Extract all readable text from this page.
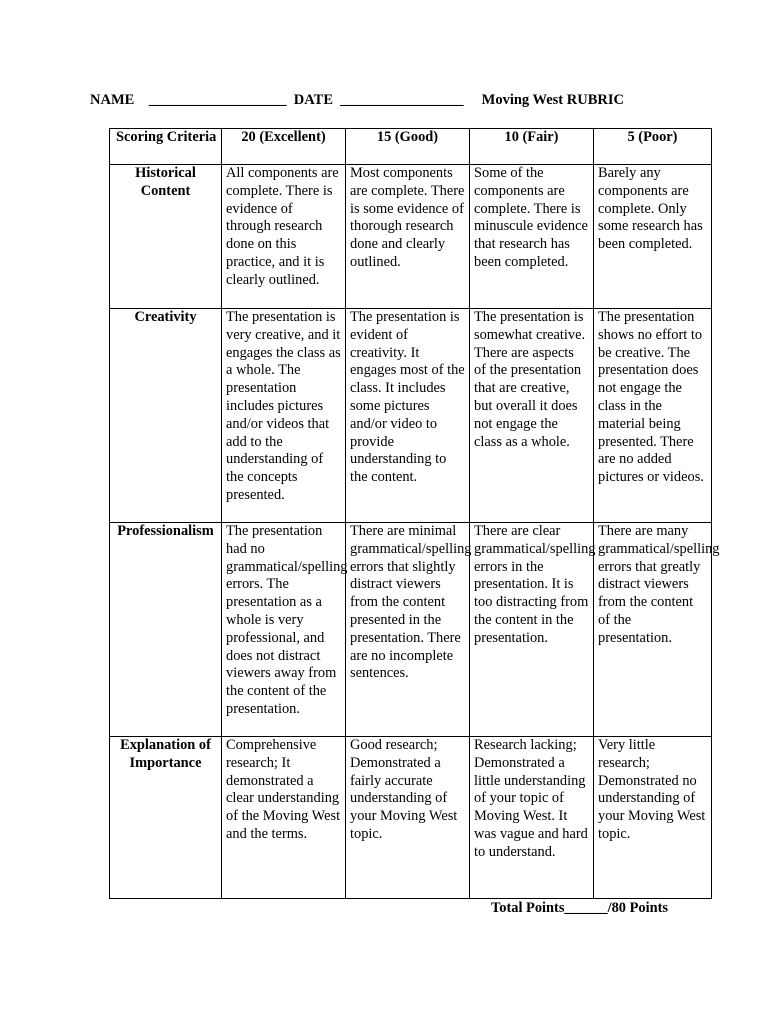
NAME    ___________________  DATE  _________________     Moving West RUBRIC
Scoring Criteria	20 (Excellent)	15 (Good)	10 (Fair)	5 (Poor)
Historical Content	All components are complete. There is evidence of through research done on this practice, and it is clearly outlined.	Most components are complete. There is some evidence of thorough research done and clearly outlined.	Some of the components are complete. There is minuscule evidence that research has been completed.	Barely any components are complete. Only some research has been completed.
Creativity	The presentation is very creative, and it engages the class as a whole. The presentation includes pictures and/or videos that add to the understanding of the concepts presented.	The presentation is evident of creativity. It engages most of the class. It includes some pictures and/or video to provide understanding to the content.	The presentation is somewhat creative. There are aspects of the presentation that are creative, but overall it does not engage the class as a whole.	The presentation shows no effort to be creative. The presentation does not engage the class in the material being presented. There are no added pictures or videos.
Professionalism	The presentation had no grammatical/spelling errors. The presentation as a whole is very professional, and does not distract viewers away from the content of the presentation.	There are minimal grammatical/spelling errors that slightly distract viewers from the content presented in the presentation. There are no incomplete sentences.	There are clear grammatical/spelling errors in the presentation. It is too distracting from the content in the presentation.	There are many grammatical/spelling errors that greatly distract viewers from the content of the presentation.
Explanation of Importance	Comprehensive research; It demonstrated a clear understanding of the Moving West and the terms.	Good research; Demonstrated a fairly accurate understanding of your Moving West topic.	Research lacking; Demonstrated a little understanding of your topic of Moving West. It was vague and hard to understand.	Very little research; Demonstrated no understanding of your Moving West topic.
Total Points______/80 Points
